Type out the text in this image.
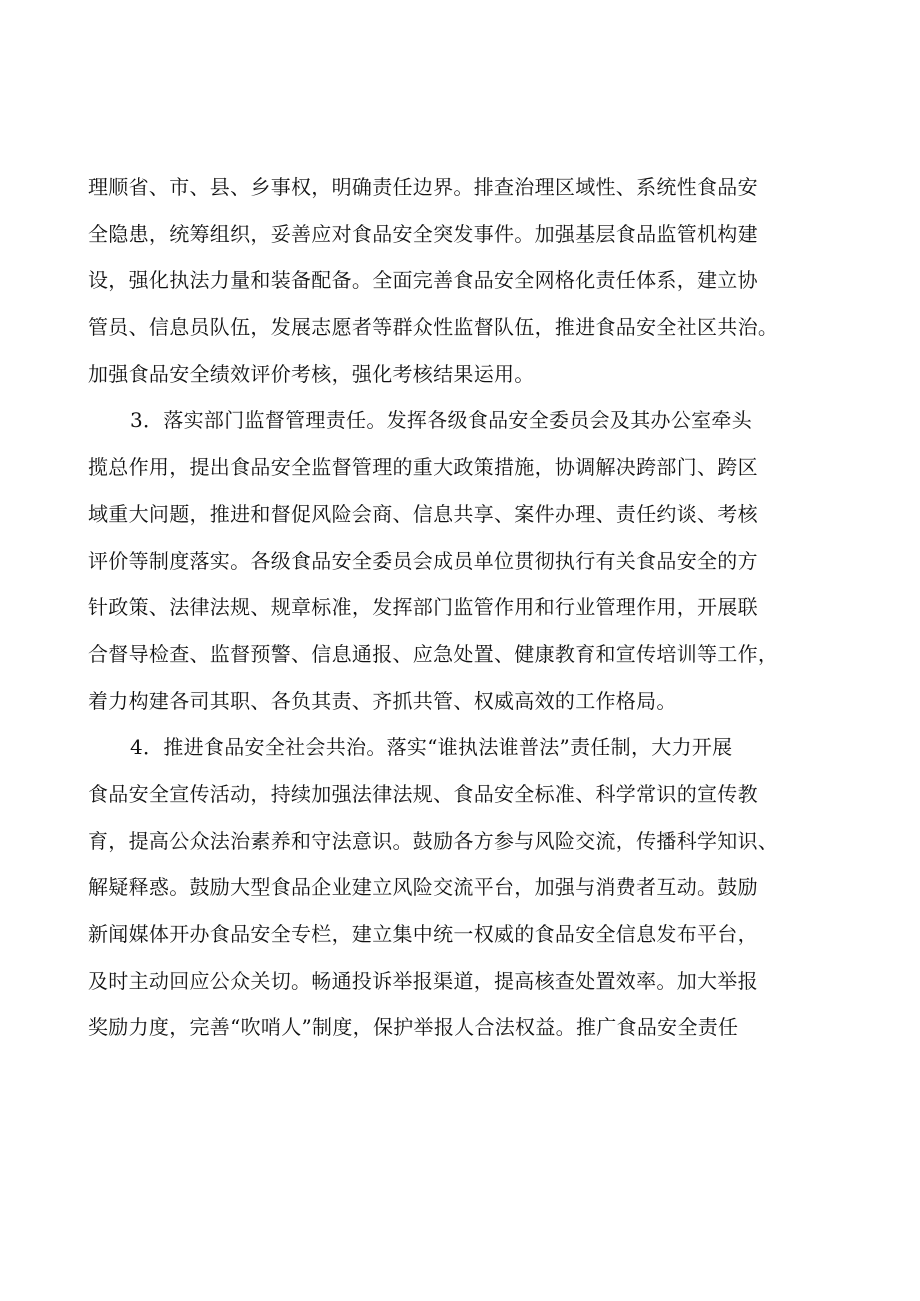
理顺省、市、县、乡事权，明确责任边界。排查治理区域性、系统性食品安
全隐患，统筹组织，妥善应对食品安全突发事件。加强基层食品监管机构建
设，强化执法力量和装备配备。全面完善食品安全网格化责任体系，建立协
管员、信息员队伍，发展志愿者等群众性监督队伍，推进食品安全社区共治。
加强食品安全绩效评价考核，强化考核结果运用。
3．落实部门监督管理责任。发挥各级食品安全委员会及其办公室牵头
揽总作用，提出食品安全监督管理的重大政策措施，协调解决跨部门、跨区
域重大问题，推进和督促风险会商、信息共享、案件办理、责任约谈、考核
评价等制度落实。各级食品安全委员会成员单位贯彻执行有关食品安全的方
针政策、法律法规、规章标准，发挥部门监管作用和行业管理作用，开展联
合督导检查、监督预警、信息通报、应急处置、健康教育和宣传培训等工作，
着力构建各司其职、各负其责、齐抓共管、权威高效的工作格局。
4．推进食品安全社会共治。落实“谁执法谁普法”责任制，大力开展
食品安全宣传活动，持续加强法律法规、食品安全标准、科学常识的宣传教
育，提高公众法治素养和守法意识。鼓励各方参与风险交流，传播科学知识、
解疑释惑。鼓励大型食品企业建立风险交流平台，加强与消费者互动。鼓励
新闻媒体开办食品安全专栏，建立集中统一权威的食品安全信息发布平台，
及时主动回应公众关切。畅通投诉举报渠道，提高核查处置效率。加大举报
奖励力度，完善“吹哨人”制度，保护举报人合法权益。推广食品安全责任
